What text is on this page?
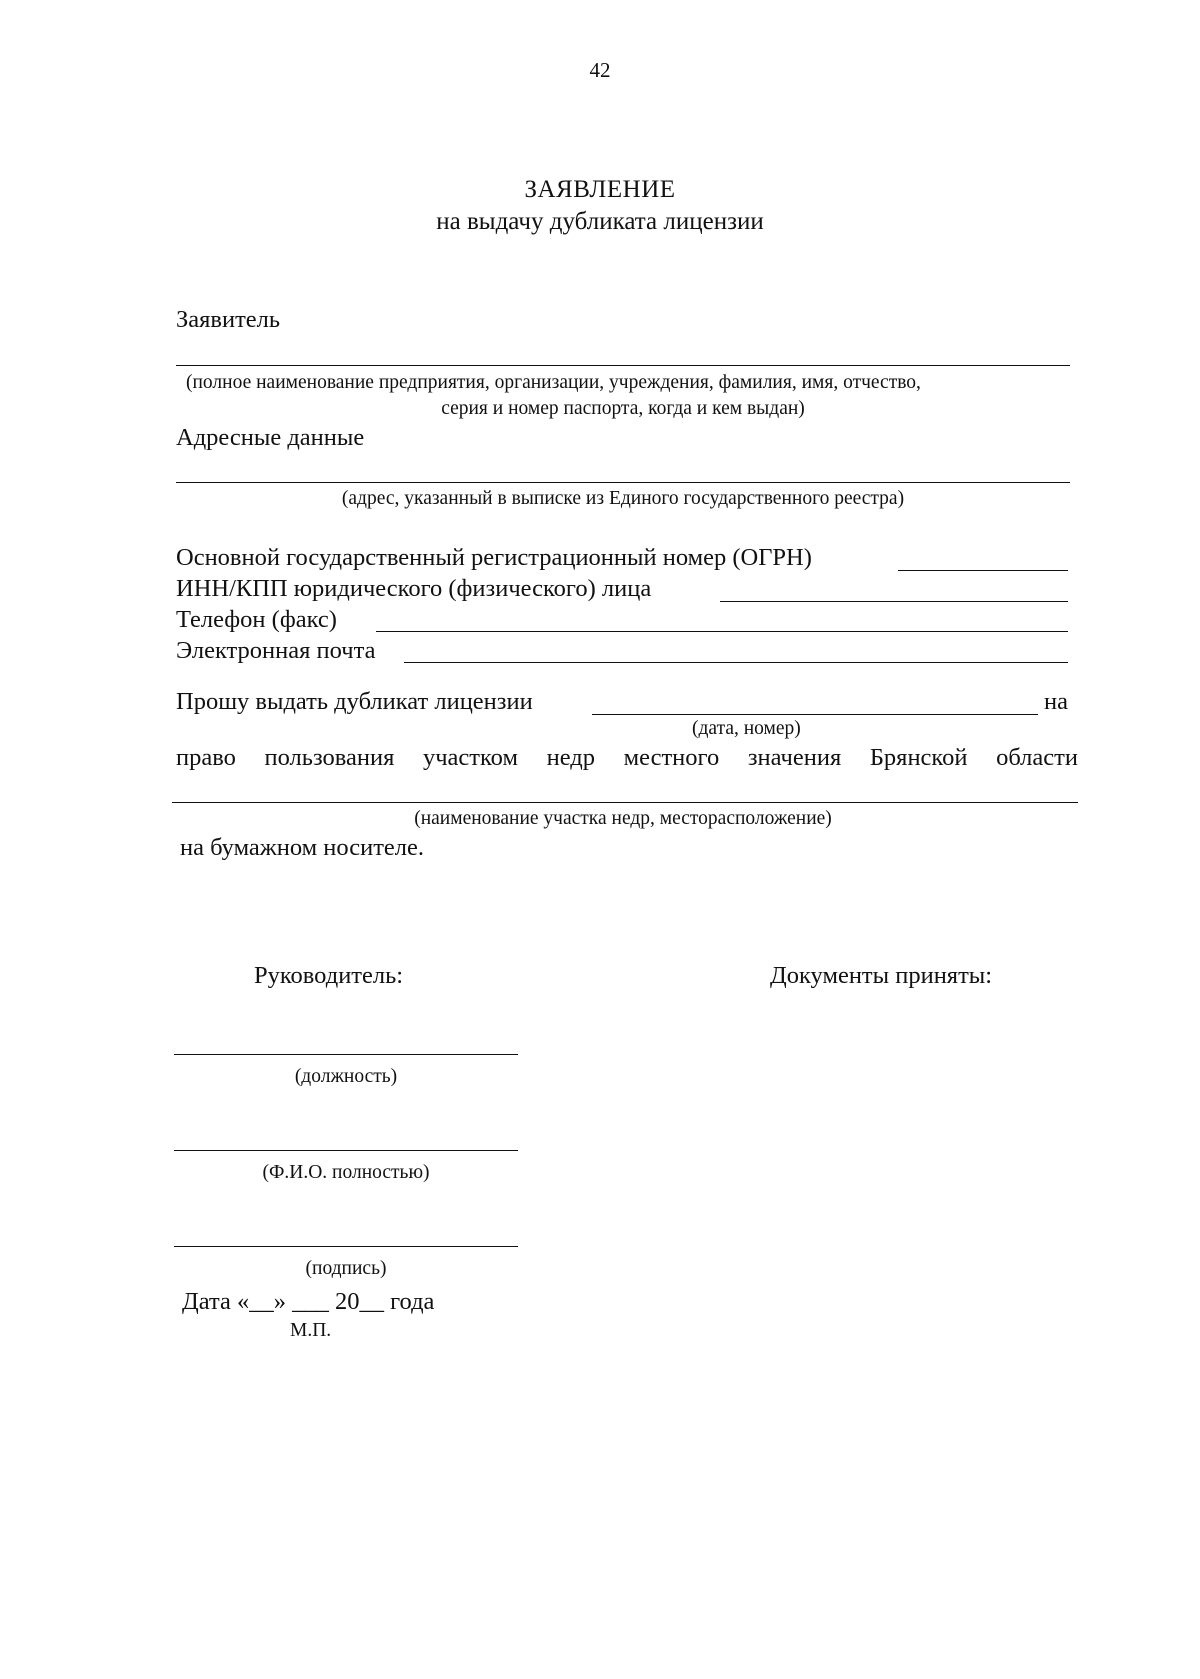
42
ЗАЯВЛЕНИЕ
на выдачу дубликата лицензии
Заявитель
(полное наименование предприятия, организации, учреждения, фамилия, имя, отчество,
серия и номер паспорта, когда и кем выдан)
Адресные данные
(адрес, указанный в выписке из Единого государственного реестра)
Основной государственный регистрационный номер (ОГРН)
ИНН/КПП юридического (физического) лица
Телефон (факс)
Электронная почта
Прошу выдать дубликат лицензии	на
(дата, номер)
право пользования участком недр местного значения Брянской области
(наименование участка недр, месторасположение)
на бумажном носителе.
Руководитель:	Документы приняты:
(должность)
(Ф.И.О. полностью)
(подпись)
Дата «__» ___ 20__ года
М.П.
